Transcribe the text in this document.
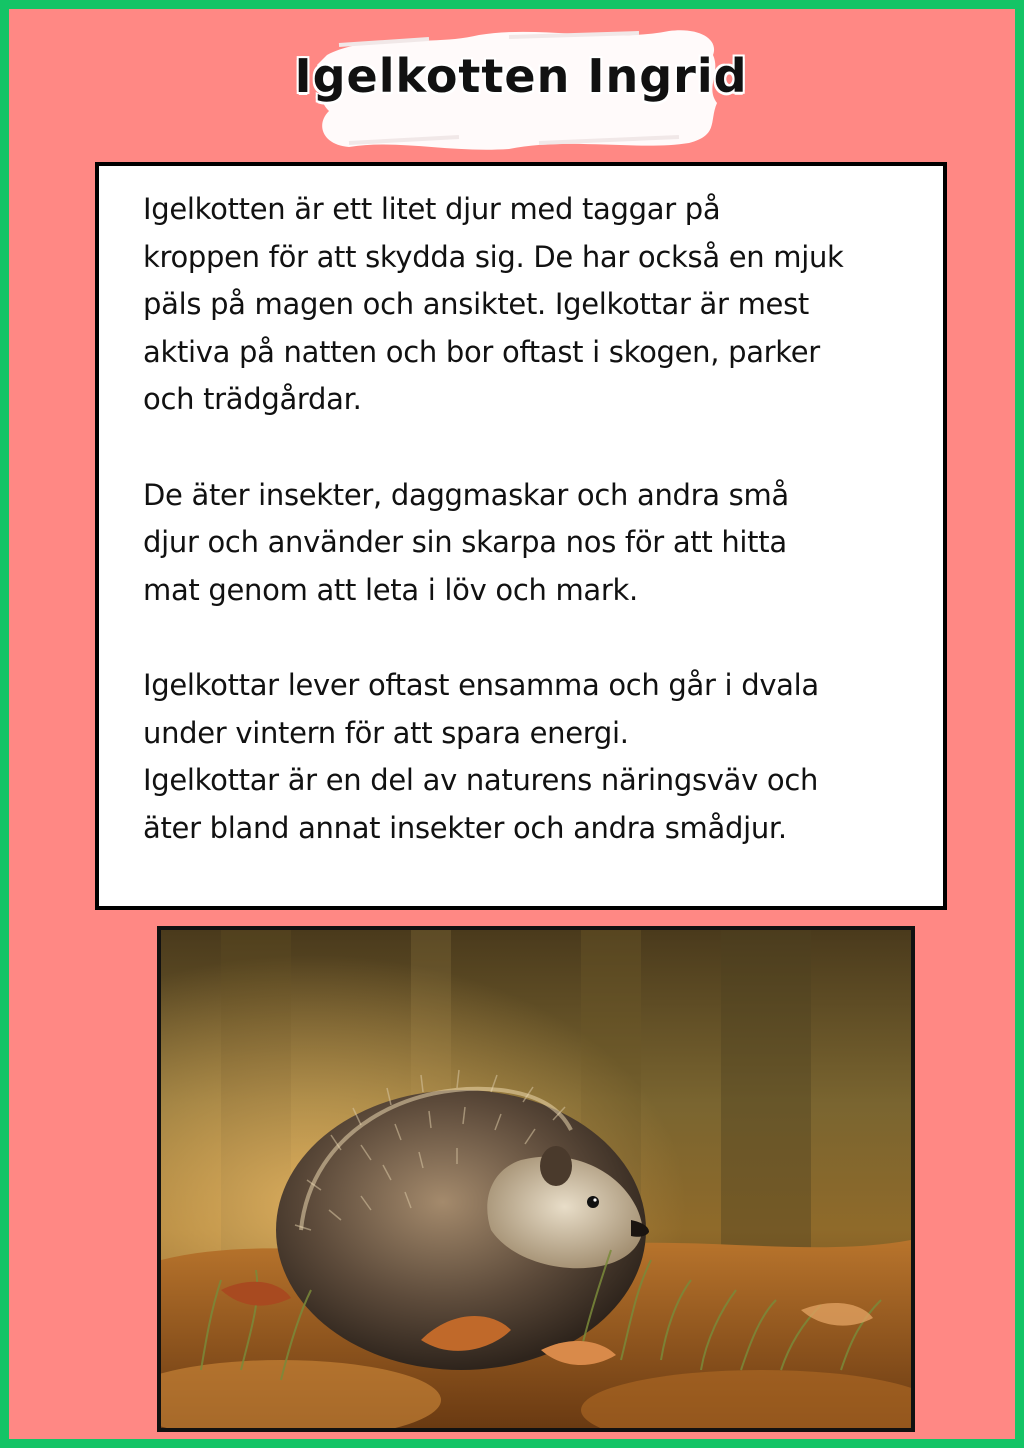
Igelkotten Ingrid

Igelkotten är ett litet djur med taggar på
kroppen för att skydda sig. De har också en mjuk
päls på magen och ansiktet. Igelkottar är mest
aktiva på natten och bor oftast i skogen, parker
och trädgårdar.

De äter insekter, daggmaskar och andra små
djur och använder sin skarpa nos för att hitta
mat genom att leta i löv och mark.

Igelkottar lever oftast ensamma och går i dvala
under vintern för att spara energi.
Igelkottar är en del av naturens näringsväv och
äter bland annat insekter och andra smådjur.
